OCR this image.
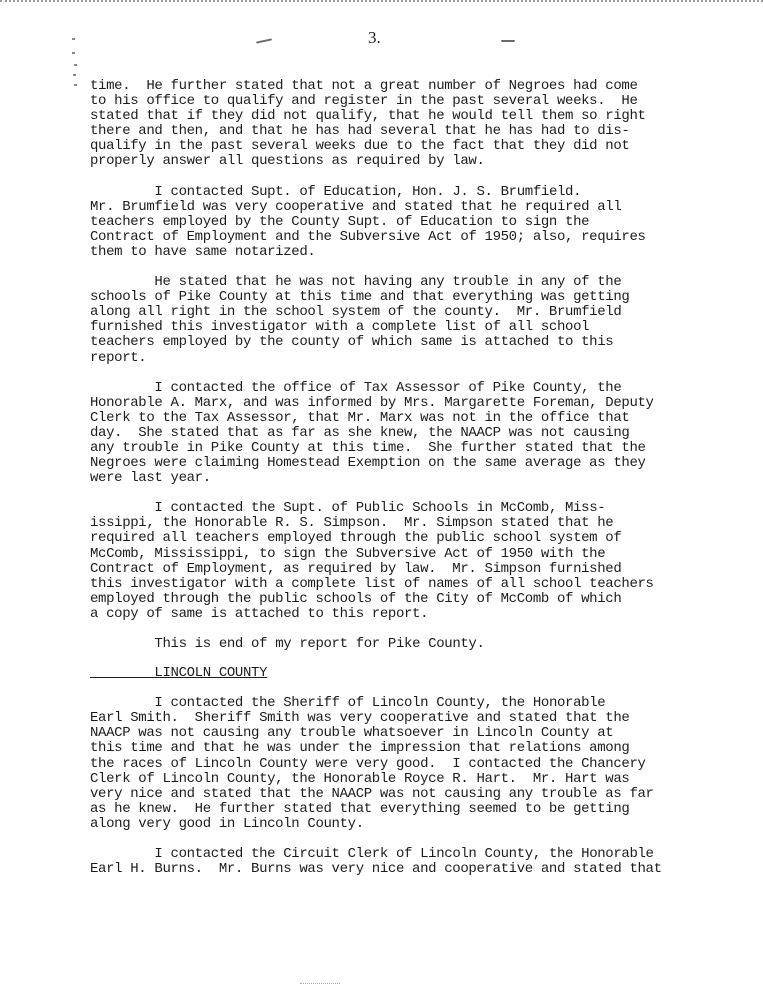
3.

time.  He further stated that not a great number of Negroes had come
to his office to qualify and register in the past several weeks.  He
stated that if they did not qualify, that he would tell them so right
there and then, and that he has had several that he has had to dis-
qualify in the past several weeks due to the fact that they did not
properly answer all questions as required by law.

I contacted Supt. of Education, Hon. J. S. Brumfield.
Mr. Brumfield was very cooperative and stated that he required all
teachers employed by the County Supt. of Education to sign the
Contract of Employment and the Subversive Act of 1950; also, requires
them to have same notarized.

He stated that he was not having any trouble in any of the
schools of Pike County at this time and that everything was getting
along all right in the school system of the county.  Mr. Brumfield
furnished this investigator with a complete list of all school
teachers employed by the county of which same is attached to this
report.

I contacted the office of Tax Assessor of Pike County, the
Honorable A. Marx, and was informed by Mrs. Margarette Foreman, Deputy
Clerk to the Tax Assessor, that Mr. Marx was not in the office that
day.  She stated that as far as she knew, the NAACP was not causing
any trouble in Pike County at this time.  She further stated that the
Negroes were claiming Homestead Exemption on the same average as they
were last year.

I contacted the Supt. of Public Schools in McComb, Miss-
issippi, the Honorable R. S. Simpson.  Mr. Simpson stated that he
required all teachers employed through the public school system of
McComb, Mississippi, to sign the Subversive Act of 1950 with the
Contract of Employment, as required by law.  Mr. Simpson furnished
this investigator with a complete list of names of all school teachers
employed through the public schools of the City of McComb of which
a copy of same is attached to this report.

This is end of my report for Pike County.

LINCOLN COUNTY

I contacted the Sheriff of Lincoln County, the Honorable
Earl Smith.  Sheriff Smith was very cooperative and stated that the
NAACP was not causing any trouble whatsoever in Lincoln County at
this time and that he was under the impression that relations among
the races of Lincoln County were very good.  I contacted the Chancery
Clerk of Lincoln County, the Honorable Royce R. Hart.  Mr. Hart was
very nice and stated that the NAACP was not causing any trouble as far
as he knew.  He further stated that everything seemed to be getting
along very good in Lincoln County.

I contacted the Circuit Clerk of Lincoln County, the Honorable
Earl H. Burns.  Mr. Burns was very nice and cooperative and stated that
